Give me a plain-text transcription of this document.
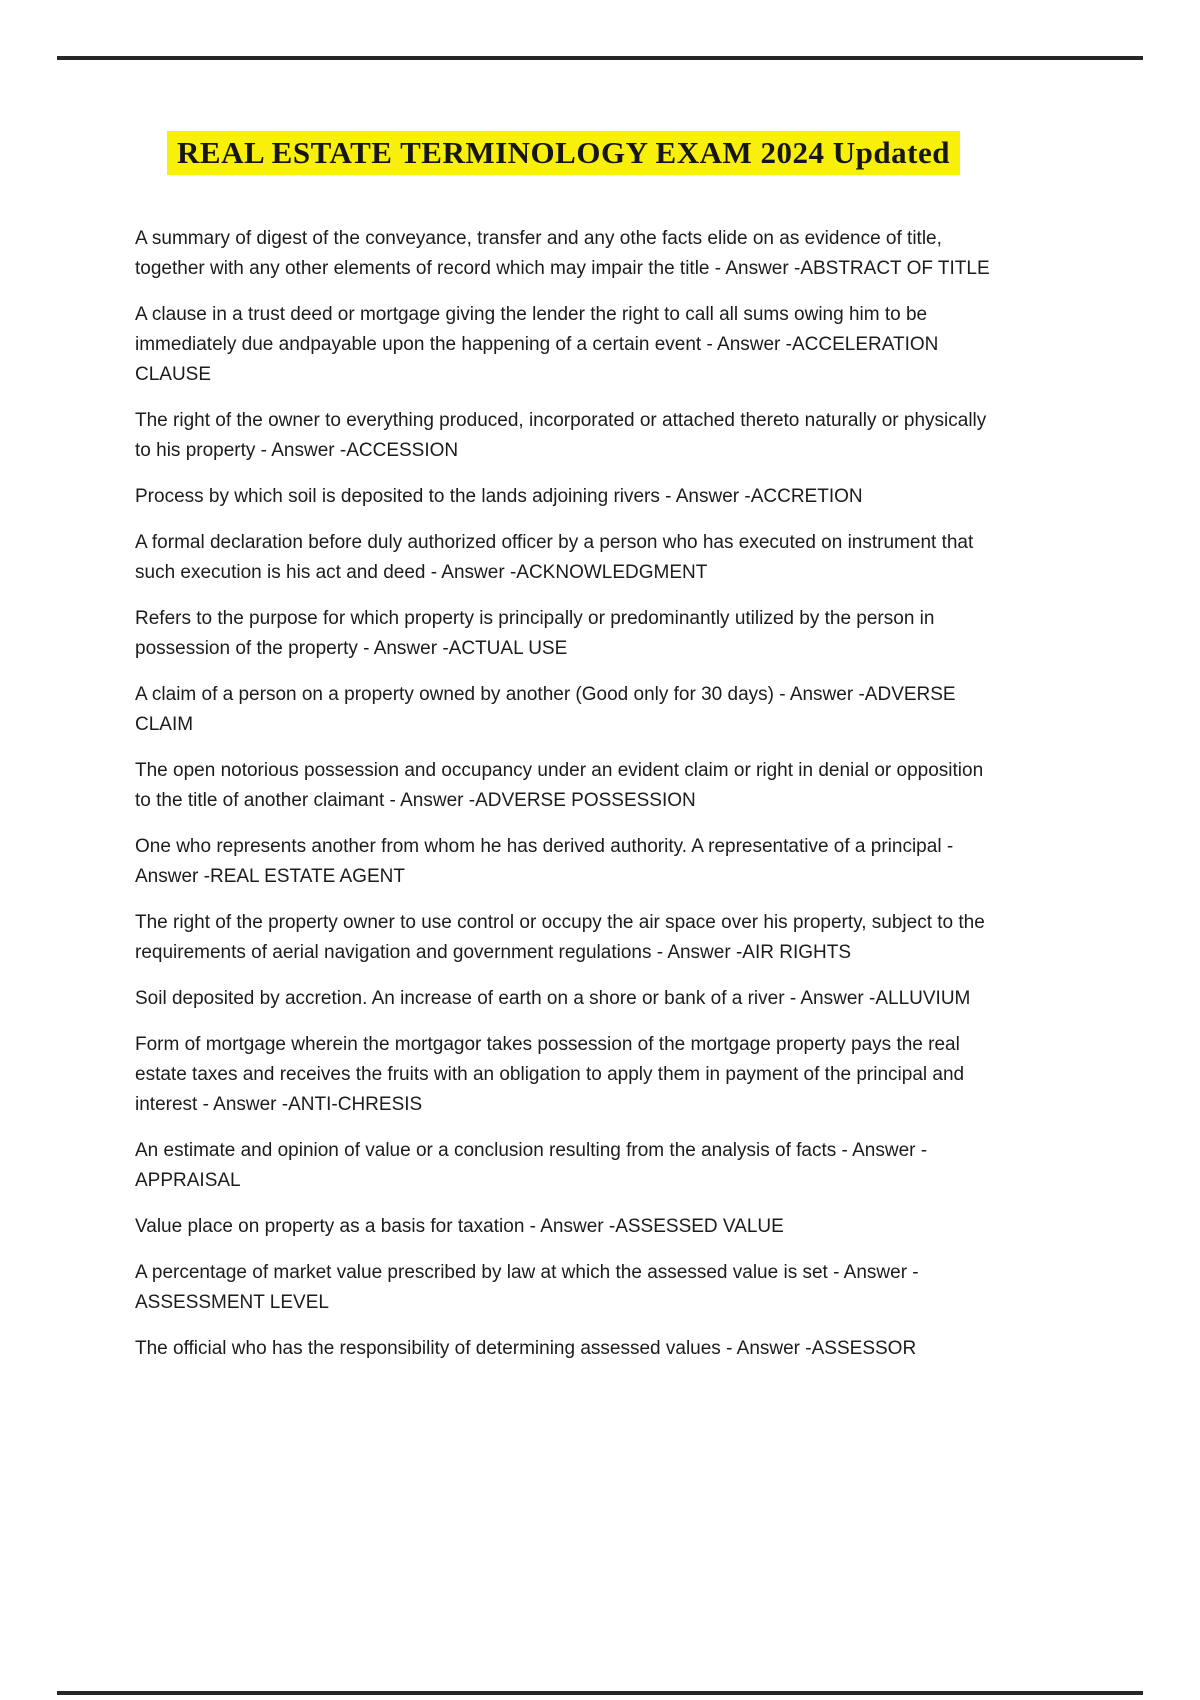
REAL ESTATE TERMINOLOGY EXAM 2024 Updated

A summary of digest of the conveyance, transfer and any othe facts elide on as evidence of title, together with any other elements of record which may impair the title - Answer -ABSTRACT OF TITLE

A clause in a trust deed or mortgage giving the lender the right to call all sums owing him to be immediately due andpayable upon the happening of a certain event - Answer -ACCELERATION CLAUSE

The right of the owner to everything produced, incorporated or attached thereto naturally or physically to his property - Answer -ACCESSION

Process by which soil is deposited to the lands adjoining rivers - Answer -ACCRETION

A formal declaration before duly authorized officer by a person who has executed on instrument that such execution is his act and deed - Answer -ACKNOWLEDGMENT

Refers to the purpose for which property is principally or predominantly utilized by the person in possession of the property - Answer -ACTUAL USE

A claim of a person on a property owned by another (Good only for 30 days) - Answer -ADVERSE CLAIM

The open notorious possession and occupancy under an evident claim or right in denial or opposition to the title of another claimant - Answer -ADVERSE POSSESSION

One who represents another from whom he has derived authority. A representative of a principal - Answer -REAL ESTATE AGENT

The right of the property owner to use control or occupy the air space over his property, subject to the requirements of aerial navigation and government regulations - Answer -AIR RIGHTS

Soil deposited by accretion. An increase of earth on a shore or bank of a river - Answer -ALLUVIUM

Form of mortgage wherein the mortgagor takes possession of the mortgage property pays the real estate taxes and receives the fruits with an obligation to apply them in payment of the principal and interest - Answer -ANTI-CHRESIS

An estimate and opinion of value or a conclusion resulting from the analysis of facts - Answer -APPRAISAL

Value place on property as a basis for taxation - Answer -ASSESSED VALUE

A percentage of market value prescribed by law at which the assessed value is set - Answer -ASSESSMENT LEVEL

The official who has the responsibility of determining assessed values - Answer -ASSESSOR
